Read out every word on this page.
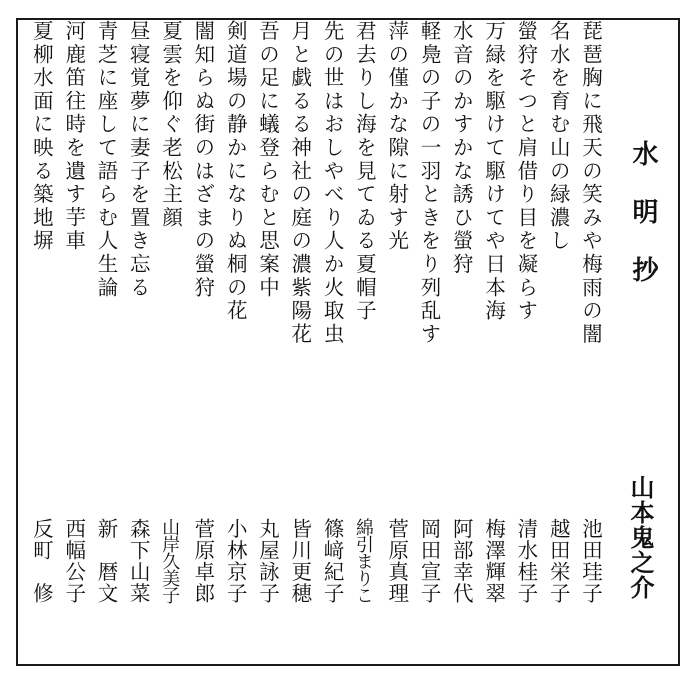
水明抄
山本鬼之介
琵琶胸に飛天の笑みや梅雨の闇
池田珪子
名水を育む山の緑濃し
越田栄子
螢狩そつと肩借り目を凝らす
清水桂子
万緑を駆けて駆けてや日本海
梅澤輝翠
水音のかすかな誘ひ螢狩
阿部幸代
軽鳧の子の一羽ときをり列乱す
岡田宣子
萍の僅かな隙に射す光
菅原真理
君去りし海を見てゐる夏帽子
綿引まりこ
先の世はおしやべり人か火取虫
篠﨑紀子
月と戯るる神社の庭の濃紫陽花
皆川更穂
吾の足に蟻登らむと思案中
丸屋詠子
剣道場の静かになりぬ桐の花
小林京子
闇知らぬ街のはざまの螢狩
菅原卓郎
夏雲を仰ぐ老松主顔
山岸久美子
昼寝覚夢に妻子を置き忘る
森下山菜
青芝に座して語らむ人生論
新　暦文
河鹿笛往時を遺す芋車
西幅公子
夏柳水面に映る築地塀
反町　修
